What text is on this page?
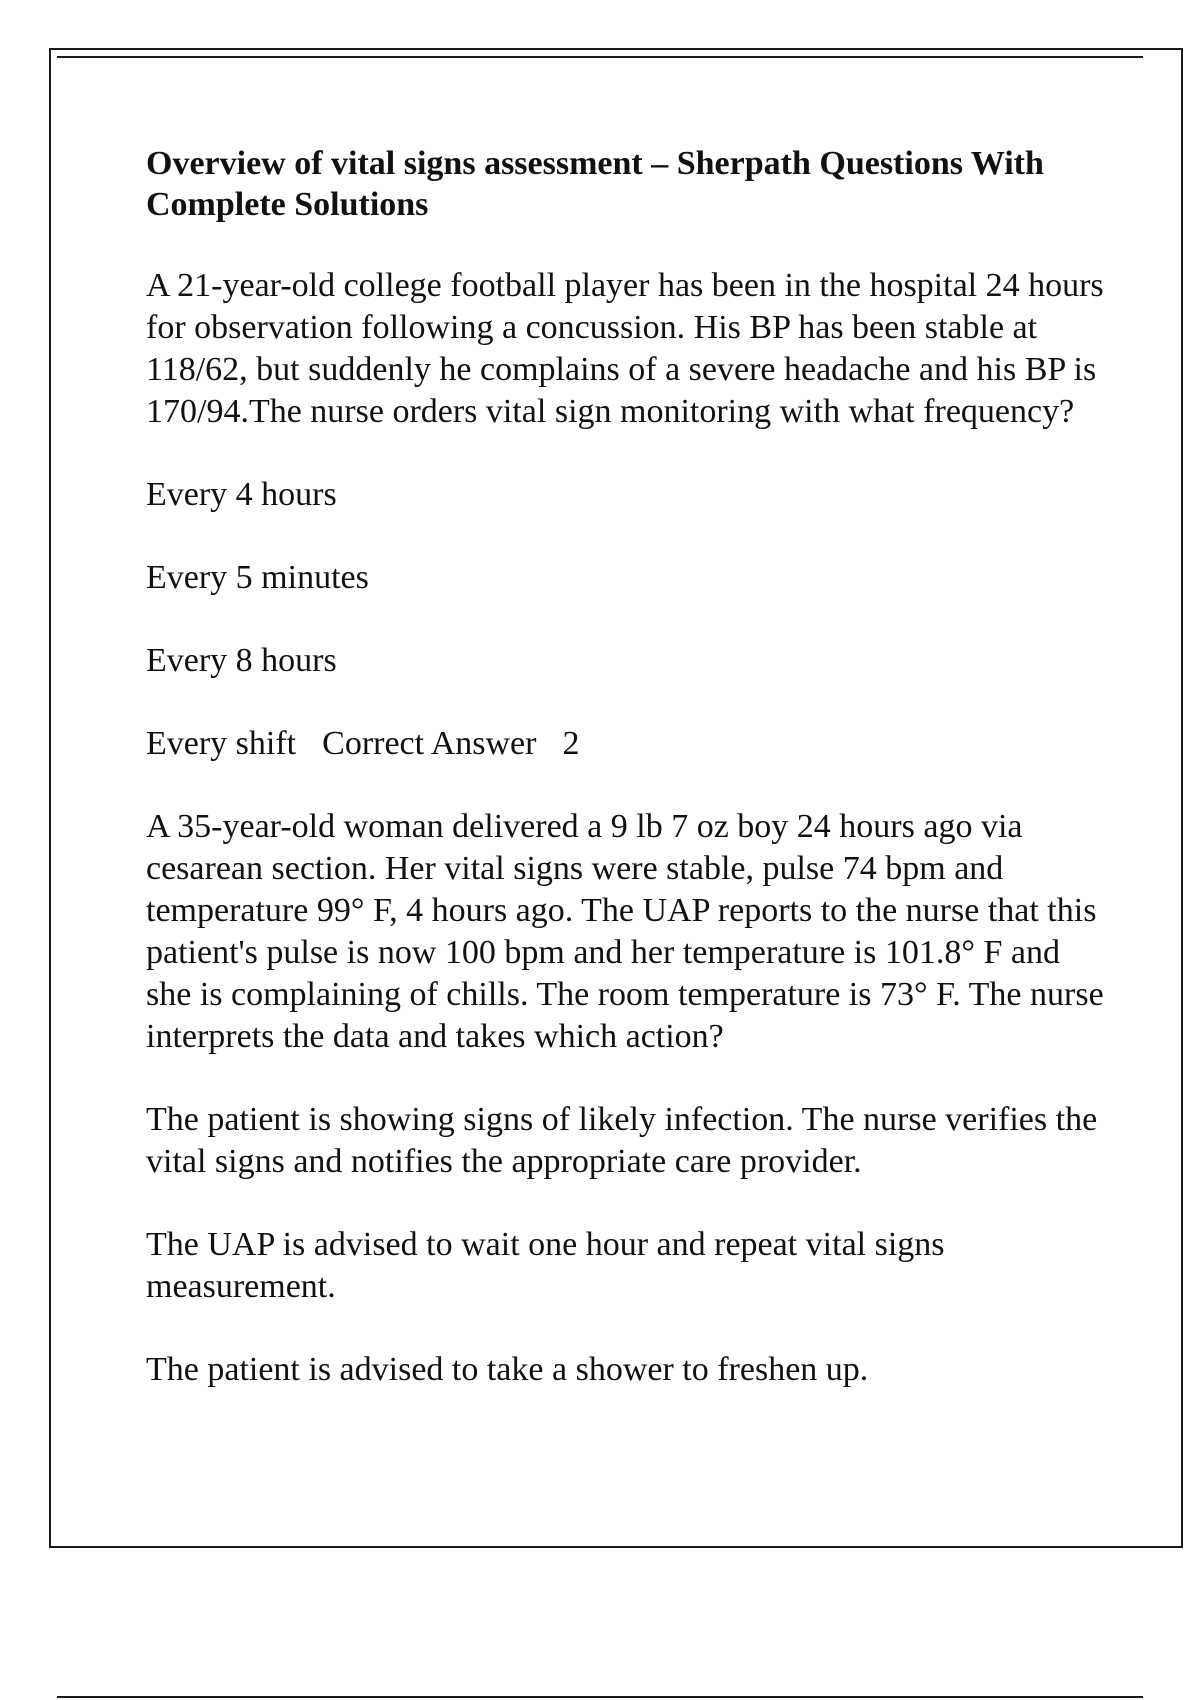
Overview of vital signs assessment – Sherpath Questions With Complete Solutions
A 21-year-old college football player has been in the hospital 24 hours for observation following a concussion. His BP has been stable at 118/62, but suddenly he complains of a severe headache and his BP is 170/94.The nurse orders vital sign monitoring with what frequency?
Every 4 hours
Every 5 minutes
Every 8 hours
Every shift Correct Answer 2
A 35-year-old woman delivered a 9 lb 7 oz boy 24 hours ago via cesarean section. Her vital signs were stable, pulse 74 bpm and temperature 99° F, 4 hours ago. The UAP reports to the nurse that this patient's pulse is now 100 bpm and her temperature is 101.8° F and she is complaining of chills. The room temperature is 73° F. The nurse interprets the data and takes which action?
The patient is showing signs of likely infection. The nurse verifies the vital signs and notifies the appropriate care provider.
The UAP is advised to wait one hour and repeat vital signs measurement.
The patient is advised to take a shower to freshen up.
